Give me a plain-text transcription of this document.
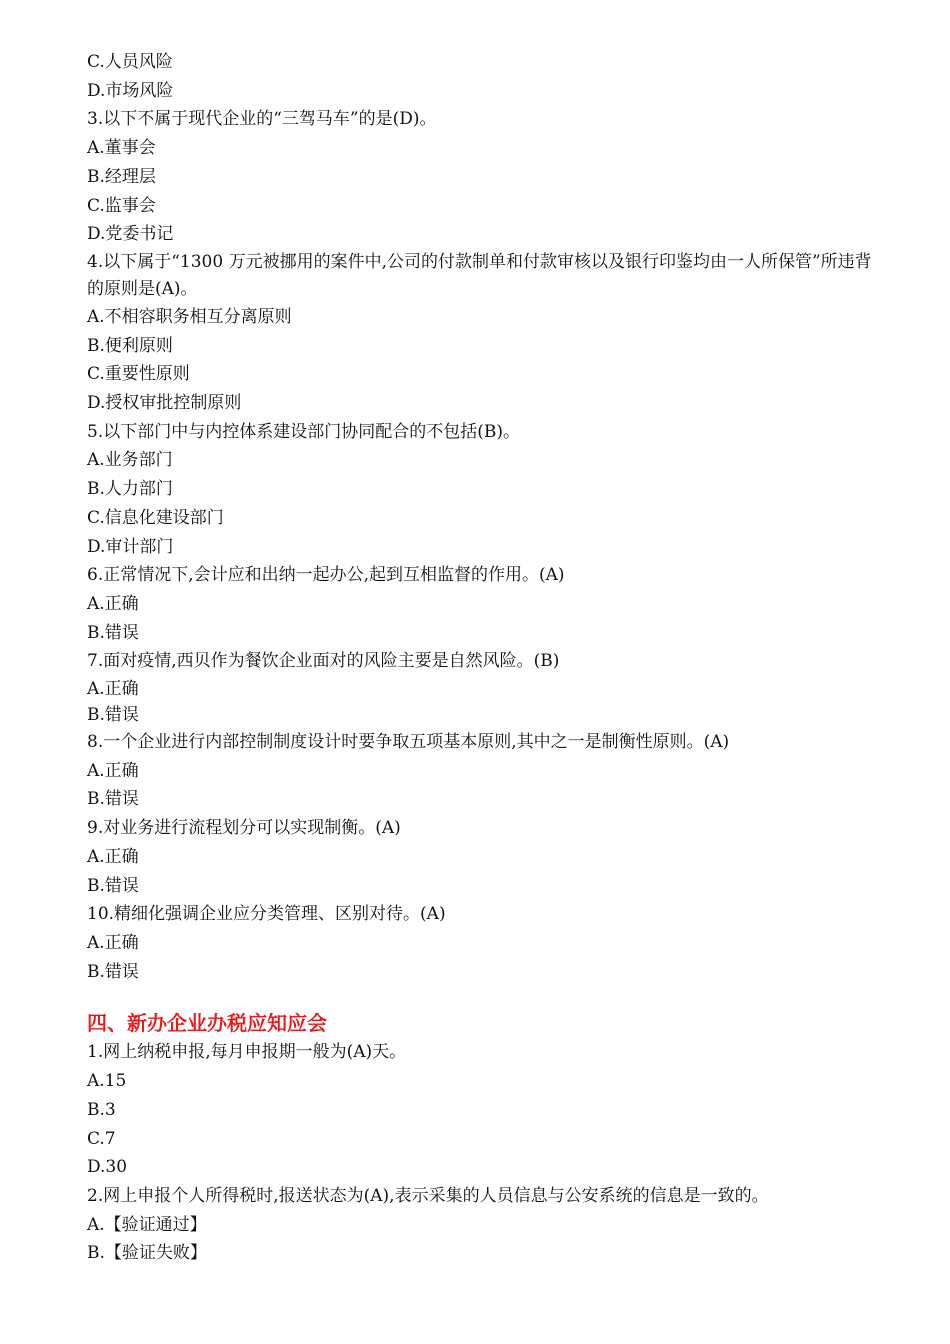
C.人员风险
D.市场风险
3.以下不属于现代企业的“三驾马车”的是(D)。
A.董事会
B.经理层
C.监事会
D.党委书记
4.以下属于“1300 万元被挪用的案件中,公司的付款制单和付款审核以及银行印鉴均由一人所保管”所违背的原则是(A)。
A.不相容职务相互分离原则
B.便利原则
C.重要性原则
D.授权审批控制原则
5.以下部门中与内控体系建设部门协同配合的不包括(B)。
A.业务部门
B.人力部门
C.信息化建设部门
D.审计部门
6.正常情况下,会计应和出纳一起办公,起到互相监督的作用。(A)
A.正确
B.错误
7.面对疫情,西贝作为餐饮企业面对的风险主要是自然风险。(B)
A.正确
B.错误
8.一个企业进行内部控制制度设计时要争取五项基本原则,其中之一是制衡性原则。(A)
A.正确
B.错误
9.对业务进行流程划分可以实现制衡。(A)
A.正确
B.错误
10.精细化强调企业应分类管理、区别对待。(A)
A.正确
B.错误
四、新办企业办税应知应会
1.网上纳税申报,每月申报期一般为(A)天。
A.15
B.3
C.7
D.30
2.网上申报个人所得税时,报送状态为(A),表示采集的人员信息与公安系统的信息是一致的。
A.【验证通过】
B.【验证失败】
